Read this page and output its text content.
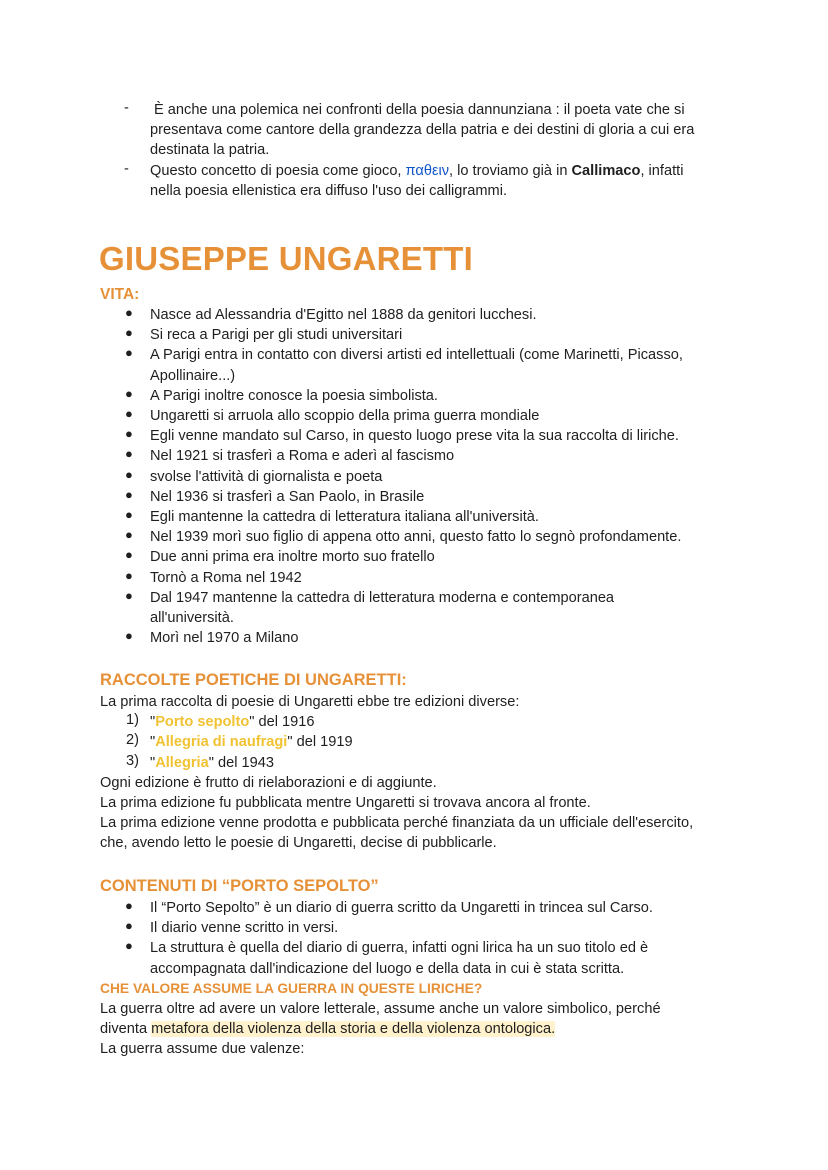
- È anche una polemica nei confronti della poesia dannunziana : il poeta vate che si
presentava come cantore della grandezza della patria e dei destini di gloria a cui era
destinata la patria.
- Questo concetto di poesia come gioco, παθειν, lo troviamo già in Callimaco, infatti
nella poesia ellenistica era diffuso l'uso dei calligrammi.
GIUSEPPE UNGARETTI
VITA:
● Nasce ad Alessandria d'Egitto nel 1888 da genitori lucchesi.
● Si reca a Parigi per gli studi universitari
● A Parigi entra in contatto con diversi artisti ed intellettuali (come Marinetti, Picasso,
Apollinaire...)
● A Parigi inoltre conosce la poesia simbolista.
● Ungaretti si arruola allo scoppio della prima guerra mondiale
● Egli venne mandato sul Carso, in questo luogo prese vita la sua raccolta di liriche.
● Nel 1921 si trasferì a Roma e aderì al fascismo
● svolse l'attività di giornalista e poeta
● Nel 1936 si trasferì a San Paolo, in Brasile
● Egli mantenne la cattedra di letteratura italiana all'università.
● Nel 1939 morì suo figlio di appena otto anni, questo fatto lo segnò profondamente.
● Due anni prima era inoltre morto suo fratello
● Tornò a Roma nel 1942
● Dal 1947 mantenne la cattedra di letteratura moderna e contemporanea
all'università.
● Morì nel 1970 a Milano
RACCOLTE POETICHE DI UNGARETTI:
La prima raccolta di poesie di Ungaretti ebbe tre edizioni diverse:
1) "Porto sepolto" del 1916
2) "Allegria di naufragi" del 1919
3) "Allegria" del 1943
Ogni edizione è frutto di rielaborazioni e di aggiunte.
La prima edizione fu pubblicata mentre Ungaretti si trovava ancora al fronte.
La prima edizione venne prodotta e pubblicata perché finanziata da un ufficiale dell'esercito,
che, avendo letto le poesie di Ungaretti, decise di pubblicarle.
CONTENUTI DI “PORTO SEPOLTO”
● Il “Porto Sepolto” è un diario di guerra scritto da Ungaretti in trincea sul Carso.
● Il diario venne scritto in versi.
● La struttura è quella del diario di guerra, infatti ogni lirica ha un suo titolo ed è
accompagnata dall'indicazione del luogo e della data in cui è stata scritta.
CHE VALORE ASSUME LA GUERRA IN QUESTE LIRICHE?
La guerra oltre ad avere un valore letterale, assume anche un valore simbolico, perché
diventa metafora della violenza della storia e della violenza ontologica.
La guerra assume due valenze:
